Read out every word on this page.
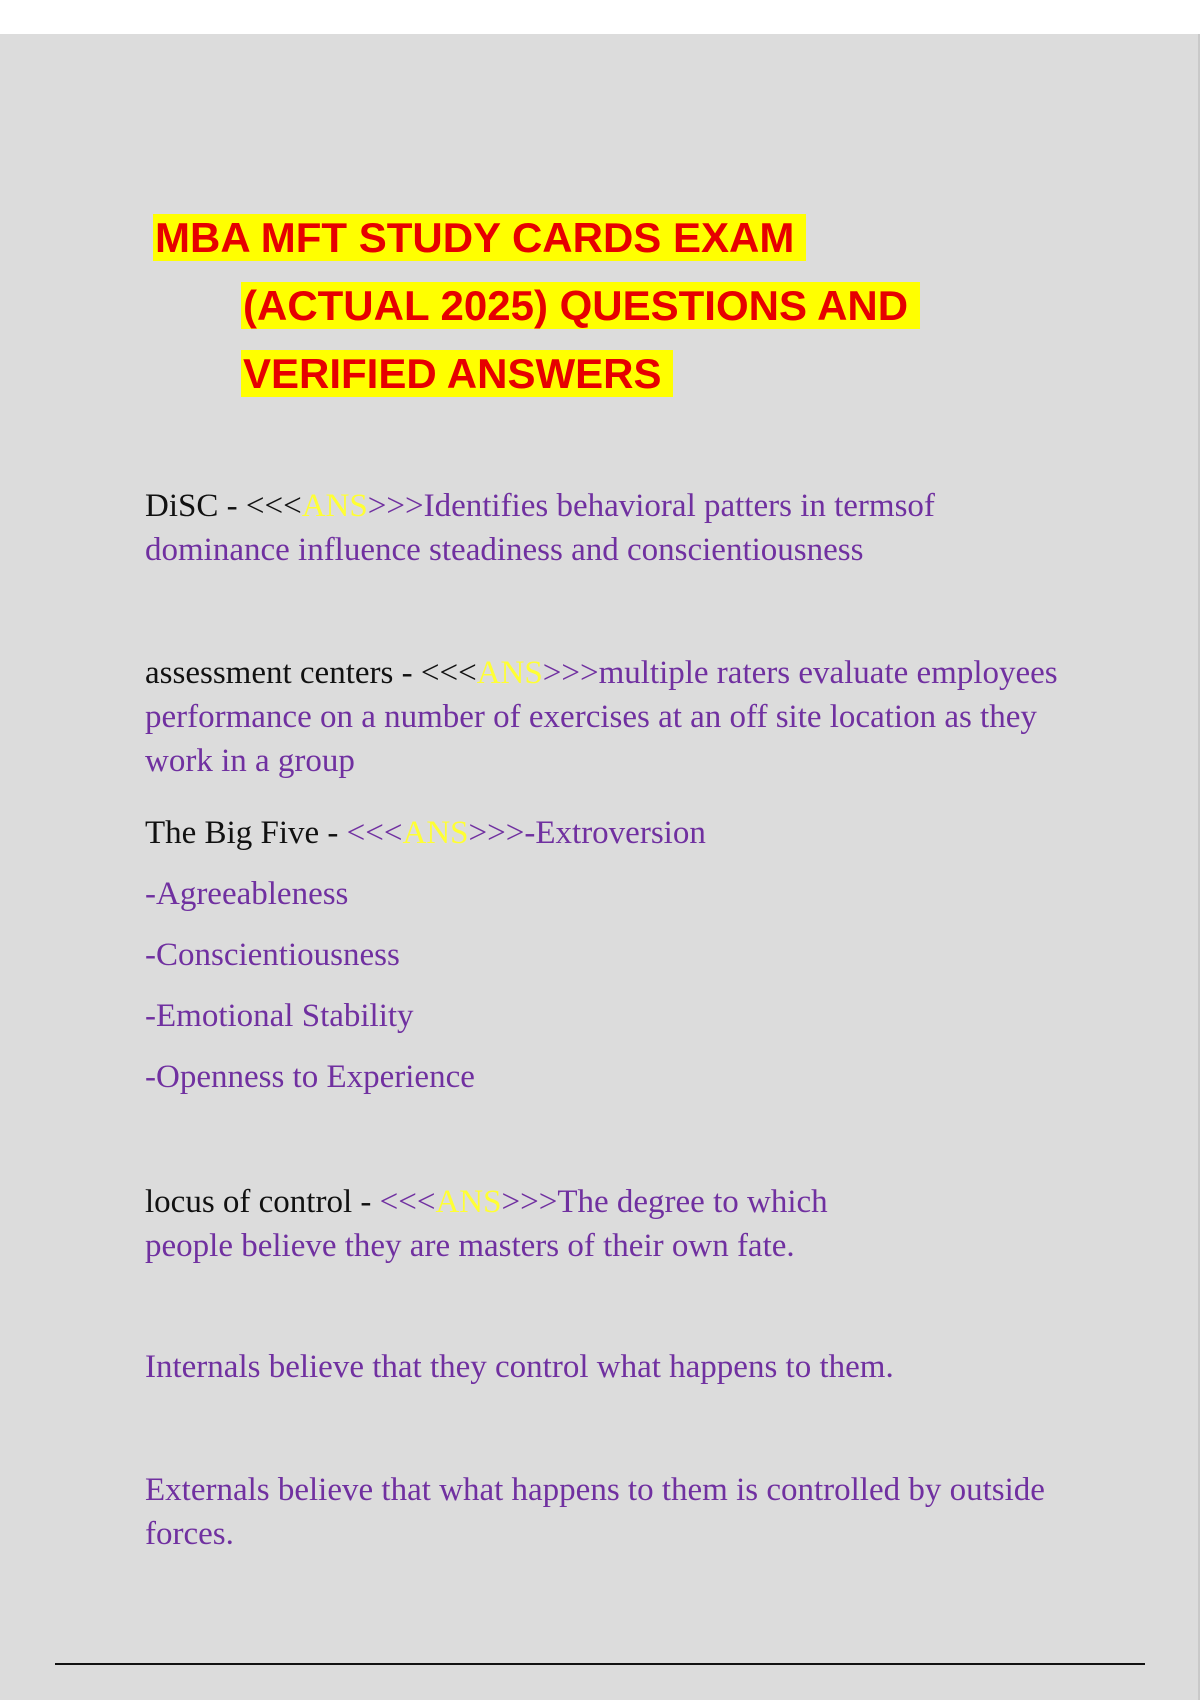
MBA MFT STUDY CARDS EXAM
(ACTUAL 2025) QUESTIONS AND
VERIFIED ANSWERS
DiSC - <<<ANS>>>Identifies behavioral patters in termsof dominance influence steadiness and conscientiousness
assessment centers - <<<ANS>>>multiple raters evaluate employees performance on a number of exercises at an off site location as they work in a group
The Big Five - <<<ANS>>>-Extroversion
-Agreeableness
-Conscientiousness
-Emotional Stability
-Openness to Experience
locus of control - <<<ANS>>>The degree to which people believe they are masters of their own fate.
Internals believe that they control what happens to them.
Externals believe that what happens to them is controlled by outside forces.
